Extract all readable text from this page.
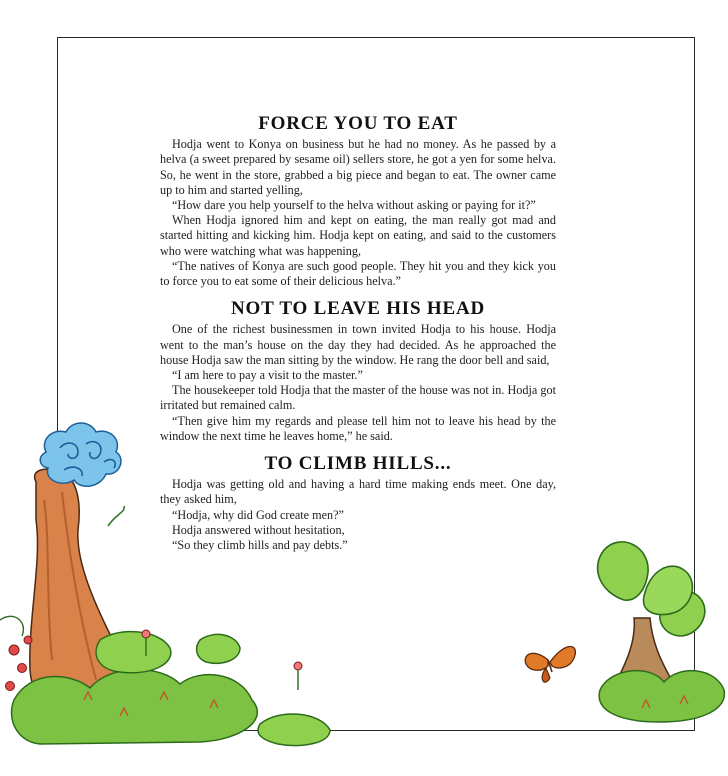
FORCE YOU TO EAT

Hodja went to Konya on business but he had no money. As he passed by a helva (a sweet prepared by sesame oil) sellers store, he got a yen for some helva. So, he went in the store, grabbed a big piece and began to eat. The owner came up to him and started yelling,

“How dare you help yourself to the helva without asking or paying for it?”

When Hodja ignored him and kept on eating, the man really got mad and started hitting and kicking him. Hodja kept on eating, and said to the customers who were watching what was happening,

“The natives of Konya are such good people. They hit you and they kick you to force you to eat some of their delicious helva.”

NOT TO LEAVE HIS HEAD

One of the richest businessmen in town invited Hodja to his house. Hodja went to the man’s house on the day they had decided. As he approached the house Hodja saw the man sitting by the window. He rang the door bell and said,

“I am here to pay a visit to the master.”

The housekeeper told Hodja that the master of the house was not in. Hodja got irritated but remained calm.

“Then give him my regards and please tell him not to leave his head by the window the next time he leaves home,” he said.

TO CLIMB HILLS...

Hodja was getting old and having a hard time making ends meet. One day, they asked him,

“Hodja, why did God create men?”

Hodja answered without hesitation,

“So they climb hills and pay debts.”
